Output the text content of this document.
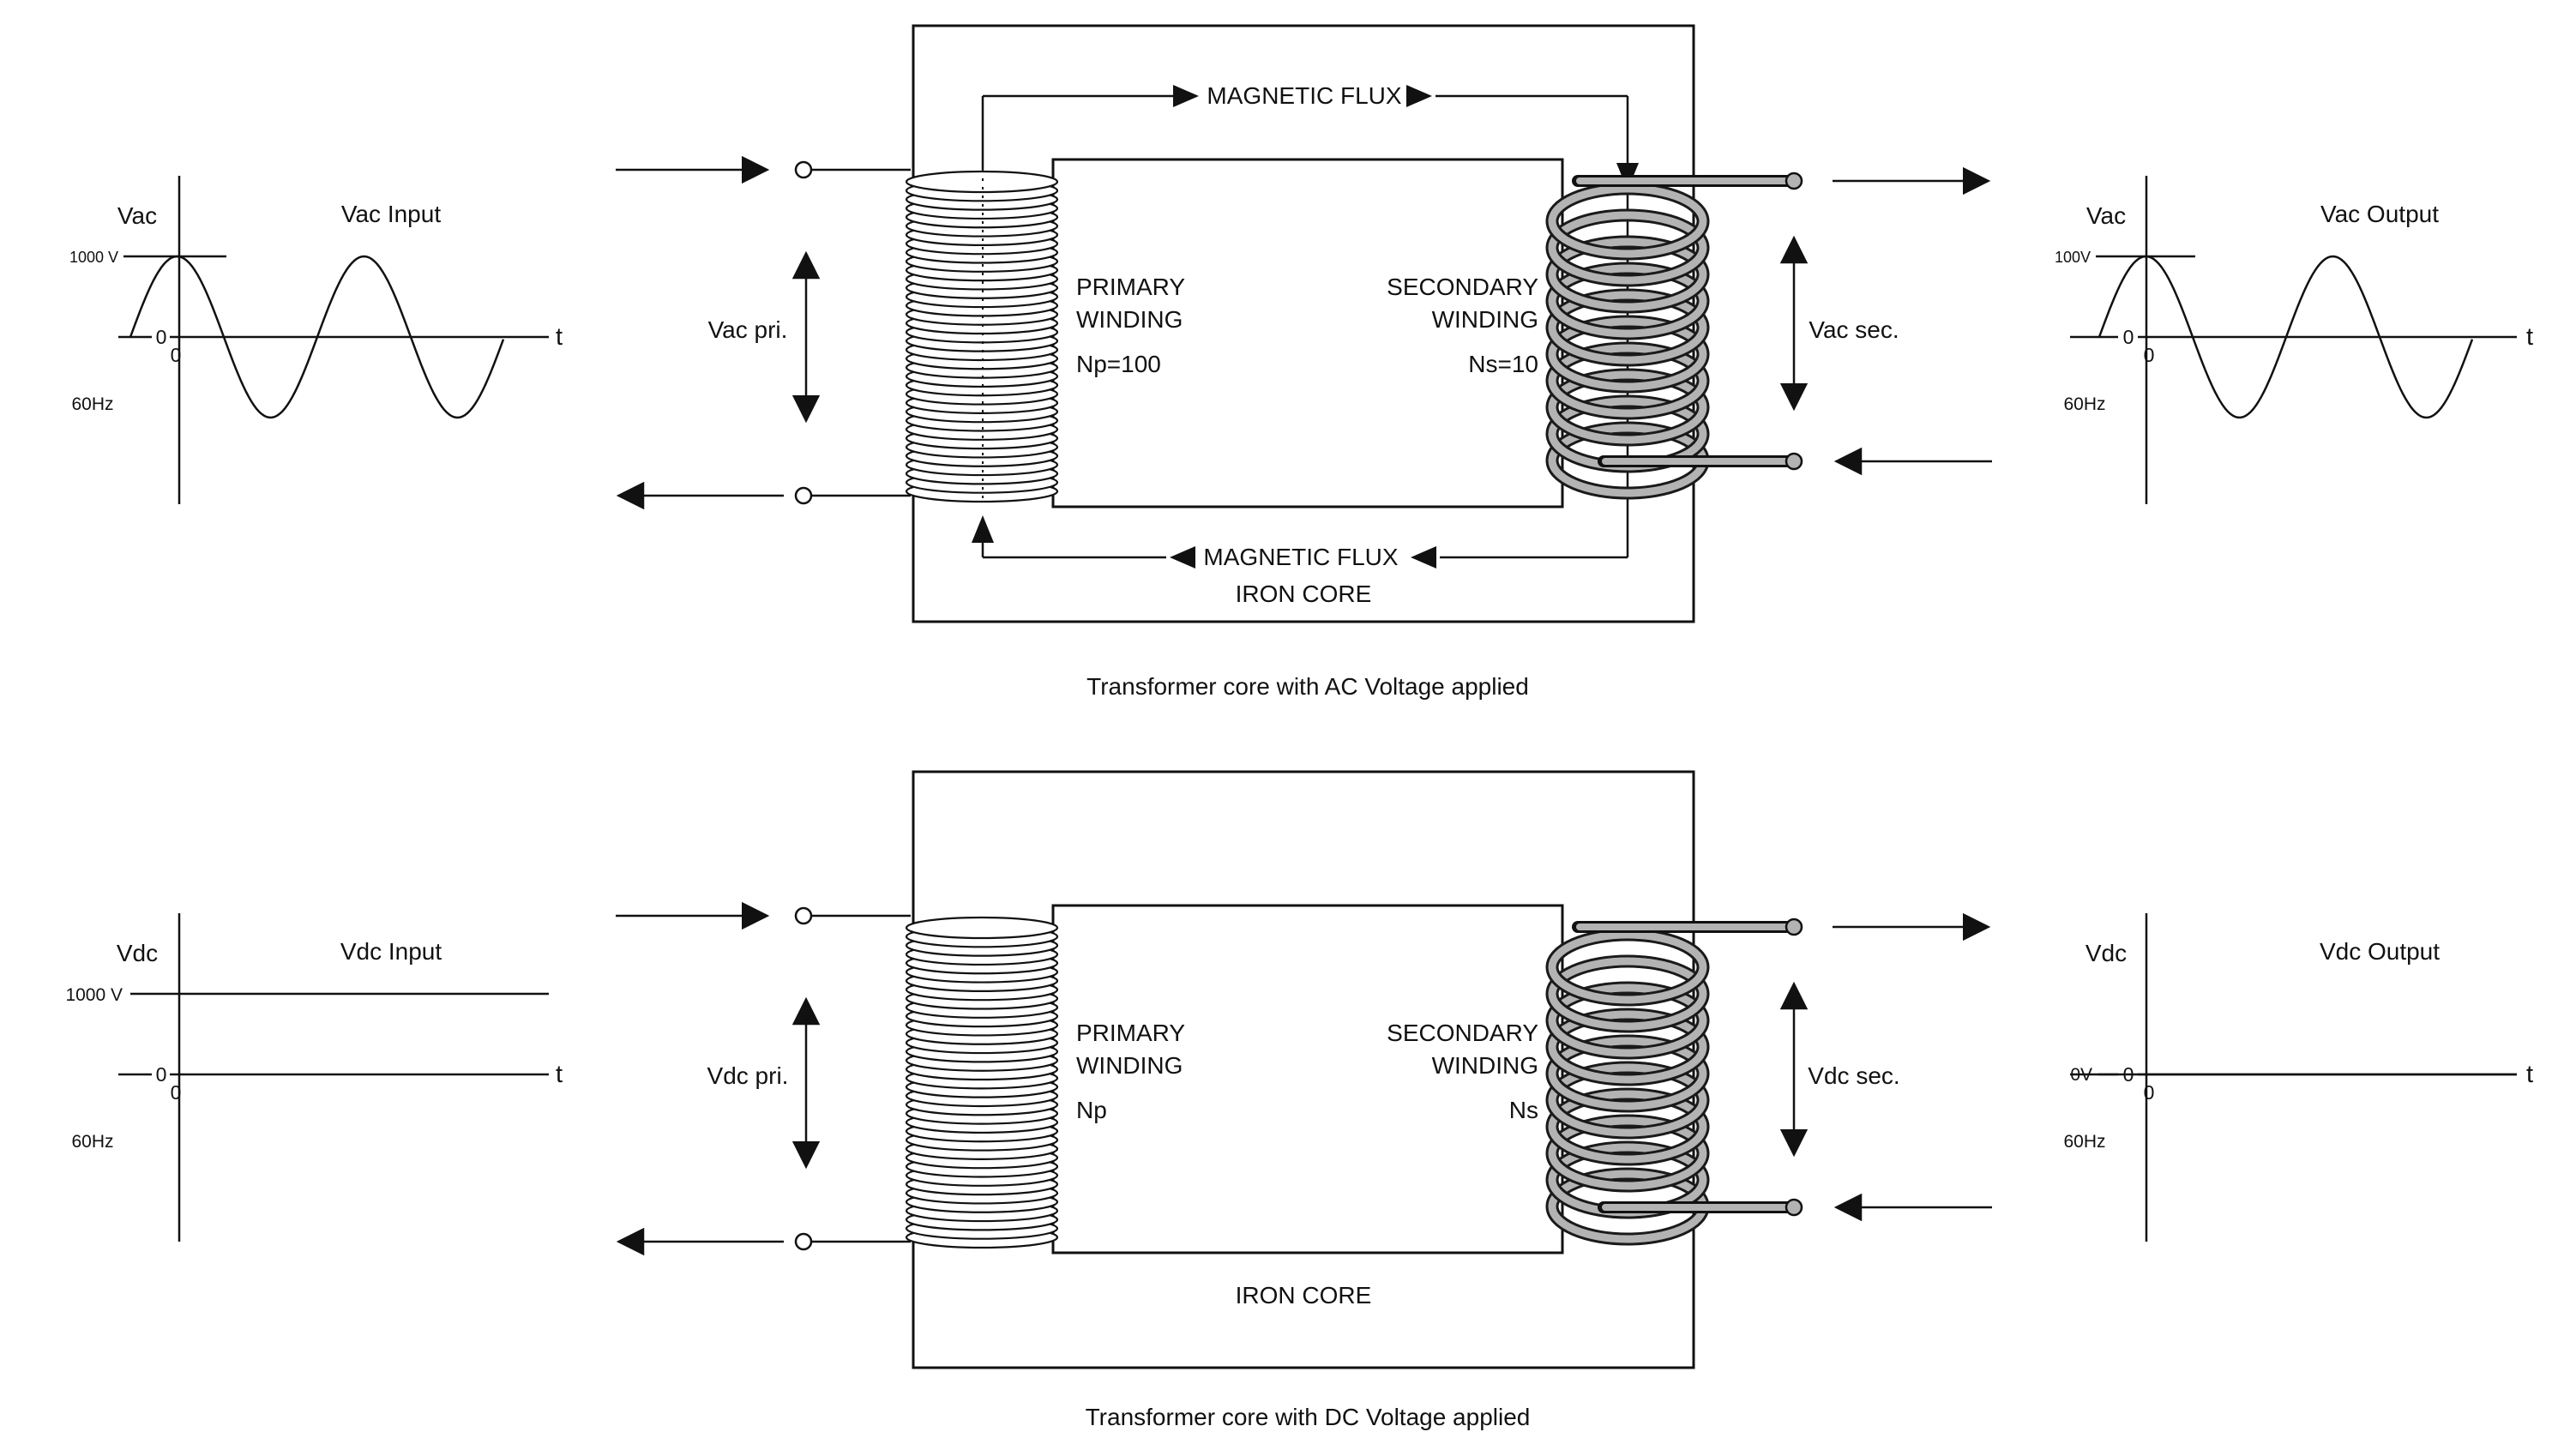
Vac	Vac Input
1000 V
0
0
60Hz
t
MAGNETIC FLUX
MAGNETIC FLUX
Vac pri.	Vac sec.
PRIMARY
WINDING
Np=100
SECONDARY
WINDING
Ns=10
IRON CORE
Vac	Vac Output
100V
0
0
60Hz
t
Transformer core with AC Voltage applied
Vdc	Vdc Input
1000 V
0
0
60Hz
t	Vdc pri.	Vdc sec.
PRIMARY
WINDING
Np
SECONDARY
WINDING
Ns
IRON CORE
Vdc	Vdc Output
0V 0
0
60Hz
t
Transformer core with DC Voltage applied
